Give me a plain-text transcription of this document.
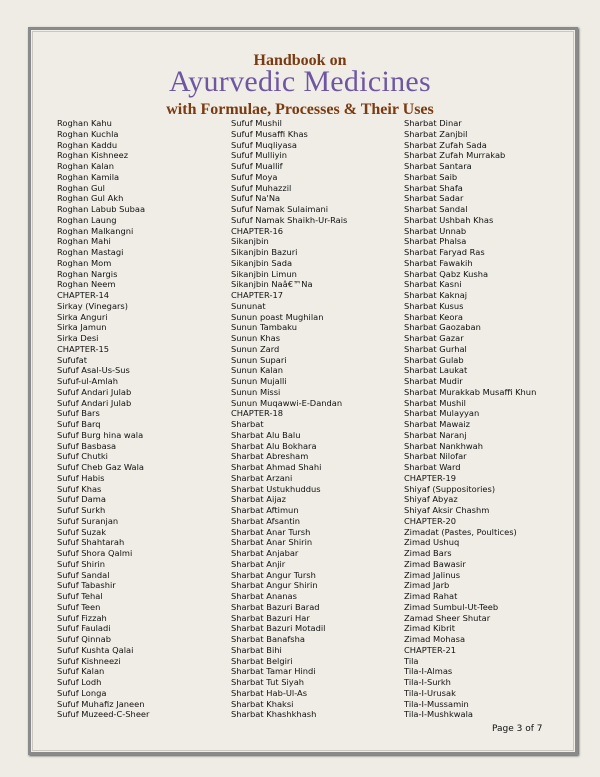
Handbook on
Ayurvedic Medicines
with Formulae, Processes & Their Uses
Roghan Kahu
Roghan Kuchla
Roghan Kaddu
Roghan Kishneez
Roghan Kalan
Roghan Kamila
Roghan Gul
Roghan Gul Akh
Roghan Labub Subaa
Roghan Laung
Roghan Malkangni
Roghan Mahi
Roghan Mastagi
Roghan Mom
Roghan Nargis
Roghan Neem
CHAPTER-14
Sirkay (Vinegars)
Sirka Anguri
Sirka Jamun
Sirka Desi
CHAPTER-15
Sufufat
Sufuf Asal-Us-Sus
Sufuf-ul-Amlah
Sufuf Andari Julab
Sufuf Andari Julab
Sufuf Bars
Sufuf Barq
Sufuf Burg hina wala
Sufuf Basbasa
Sufuf Chutki
Sufuf Cheb Gaz Wala
Sufuf Habis
Sufuf Khas
Sufuf Dama
Sufuf Surkh
Sufuf Suranjan
Sufuf Suzak
Sufuf Shahtarah
Sufuf Shora Qalmi
Sufuf Shirin
Sufuf Sandal
Sufuf Tabashir
Sufuf Tehal
Sufuf Teen
Sufuf Fizzah
Sufuf Fauladi
Sufuf Qinnab
Sufuf Kushta Qalai
Sufuf Kishneezi
Sufuf Kalan
Sufuf Lodh
Sufuf Longa
Sufuf Muhafiz Janeen
Sufuf Muzeed-C-Sheer
Sufuf Mushil
Sufuf Musaffi Khas
Sufuf Muqliyasa
Sufuf Mulliyin
Sufuf Muallif
Sufuf Moya
Sufuf Muhazzil
Sufuf Na'Na
Sufuf Namak Sulaimani
Sufuf Namak Shaikh-Ur-Rais
CHAPTER-16
Sikanjbin
Sikanjbin Bazuri
Sikanjbin Sada
Sikanjbin Limun
Sikanjbin Naâ€™Na
CHAPTER-17
Sununat
Sunun poast Mughilan
Sunun Tambaku
Sunun Khas
Sunun Zard
Sunun Supari
Sunun Kalan
Sunun Mujalli
Sunun Missi
Sunun Muqawwi-E-Dandan
CHAPTER-18
Sharbat
Sharbat Alu Balu
Sharbat Alu Bokhara
Sharbat Abresham
Sharbat Ahmad Shahi
Sharbat Arzani
Sharbat Ustukhuddus
Sharbat Aijaz
Sharbat Aftimun
Sharbat Afsantin
Sharbat Anar Tursh
Sharbat Anar Shirin
Sharbat Anjabar
Sharbat Anjir
Sharbat Angur Tursh
Sharbat Angur Shirin
Sharbat Ananas
Sharbat Bazuri Barad
Sharbat Bazuri Har
Sharbat Bazuri Motadil
Sharbat Banafsha
Sharbat Bihi
Sharbat Belgiri
Sharbat Tamar Hindi
Sharbat Tut Siyah
Sharbat Hab-Ul-As
Sharbat Khaksi
Sharbat Khashkhash
Sharbat Dinar
Sharbat Zanjbil
Sharbat Zufah Sada
Sharbat Zufah Murrakab
Sharbat Santara
Sharbat Saib
Sharbat Shafa
Sharbat Sadar
Sharbat Sandal
Sharbat Ushbah Khas
Sharbat Unnab
Sharbat Phalsa
Sharbat Faryad Ras
Sharbat Fawakih
Sharbat Qabz Kusha
Sharbat Kasni
Sharbat Kaknaj
Sharbat Kusus
Sharbat Keora
Sharbat Gaozaban
Sharbat Gazar
Sharbat Gurhal
Sharbat Gulab
Sharbat Laukat
Sharbat Mudir
Sharbat Murakkab Musaffi Khun
Sharbat Mushil
Sharbat Mulayyan
Sharbat Mawaiz
Sharbat Naranj
Sharbat Nankhwah
Sharbat Nilofar
Sharbat Ward
CHAPTER-19
Shiyaf (Suppositories)
Shiyaf Abyaz
Shiyaf Aksir Chashm
CHAPTER-20
Zimadat (Pastes, Poultices)
Zimad Ushuq
Zimad Bars
Zimad Bawasir
Zimad Jalinus
Zimad Jarb
Zimad Rahat
Zimad Sumbul-Ut-Teeb
Zamad Sheer Shutar
Zimad Kibrit
Zimad Mohasa
CHAPTER-21
Tila
Tila-I-Almas
Tila-I-Surkh
Tila-I-Urusak
Tila-I-Mussamin
Tila-I-Mushkwala
Page 3 of 7
